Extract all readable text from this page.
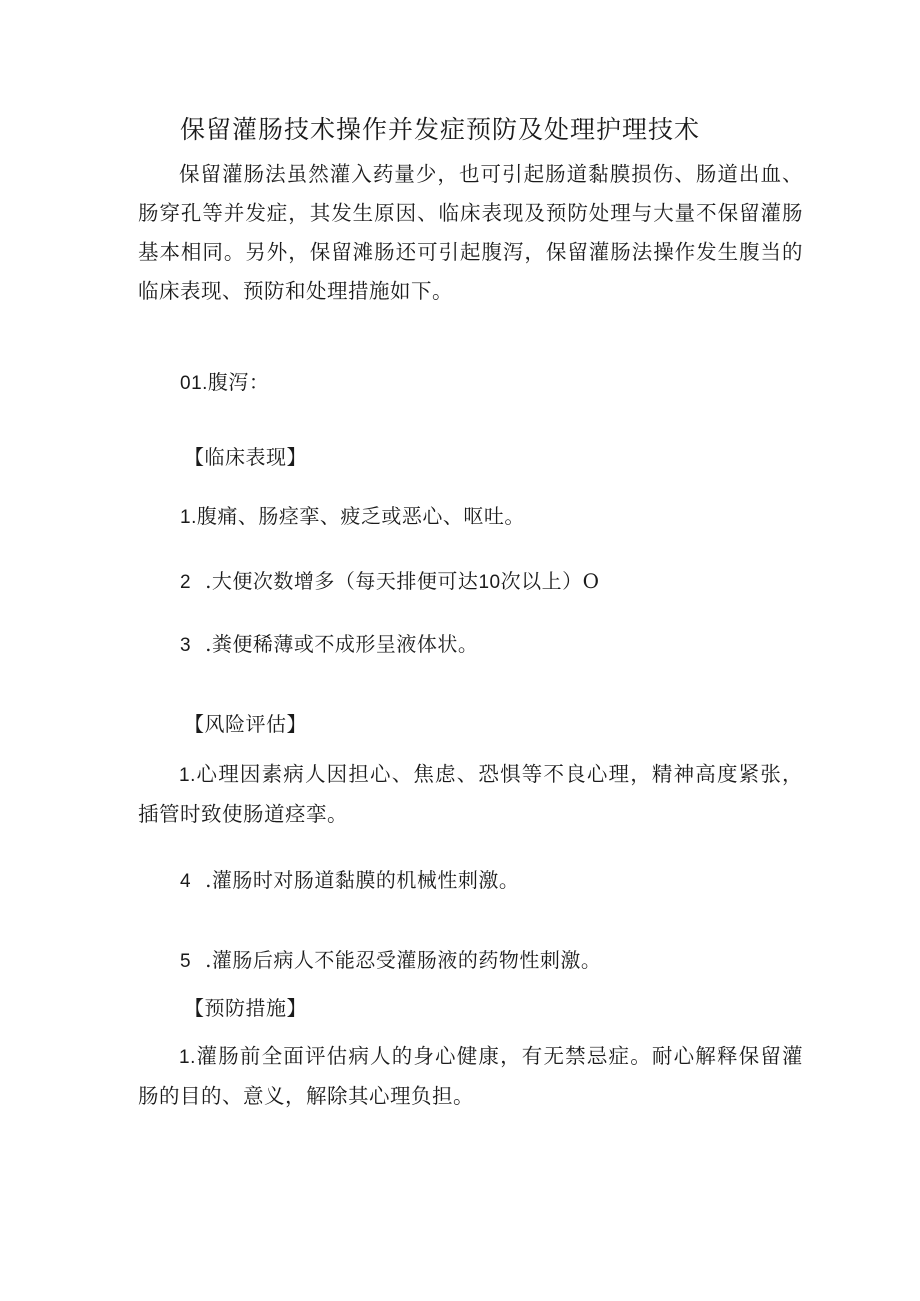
保留灌肠技术操作并发症预防及处理护理技术
保留灌肠法虽然灌入药量少，也可引起肠道黏膜损伤、肠道出血、肠穿孔等并发症，其发生原因、临床表现及预防处理与大量不保留灌肠基本相同。另外，保留滩肠还可引起腹泻，保留灌肠法操作发生腹当的临床表现、预防和处理措施如下。
01.腹泻：
【临床表现】
1.腹痛、肠痉挛、疲乏或恶心、呕吐。
2 .大便次数增多（每天排便可达10次以上）O
3 .粪便稀薄或不成形呈液体状。
【风险评估】
1.心理因素病人因担心、焦虑、恐惧等不良心理，精神高度紧张，插管时致使肠道痉挛。
4 .灌肠时对肠道黏膜的机械性刺激。
5 .灌肠后病人不能忍受灌肠液的药物性刺激。
【预防措施】
1.灌肠前全面评估病人的身心健康，有无禁忌症。耐心解释保留灌肠的目的、意义，解除其心理负担。
